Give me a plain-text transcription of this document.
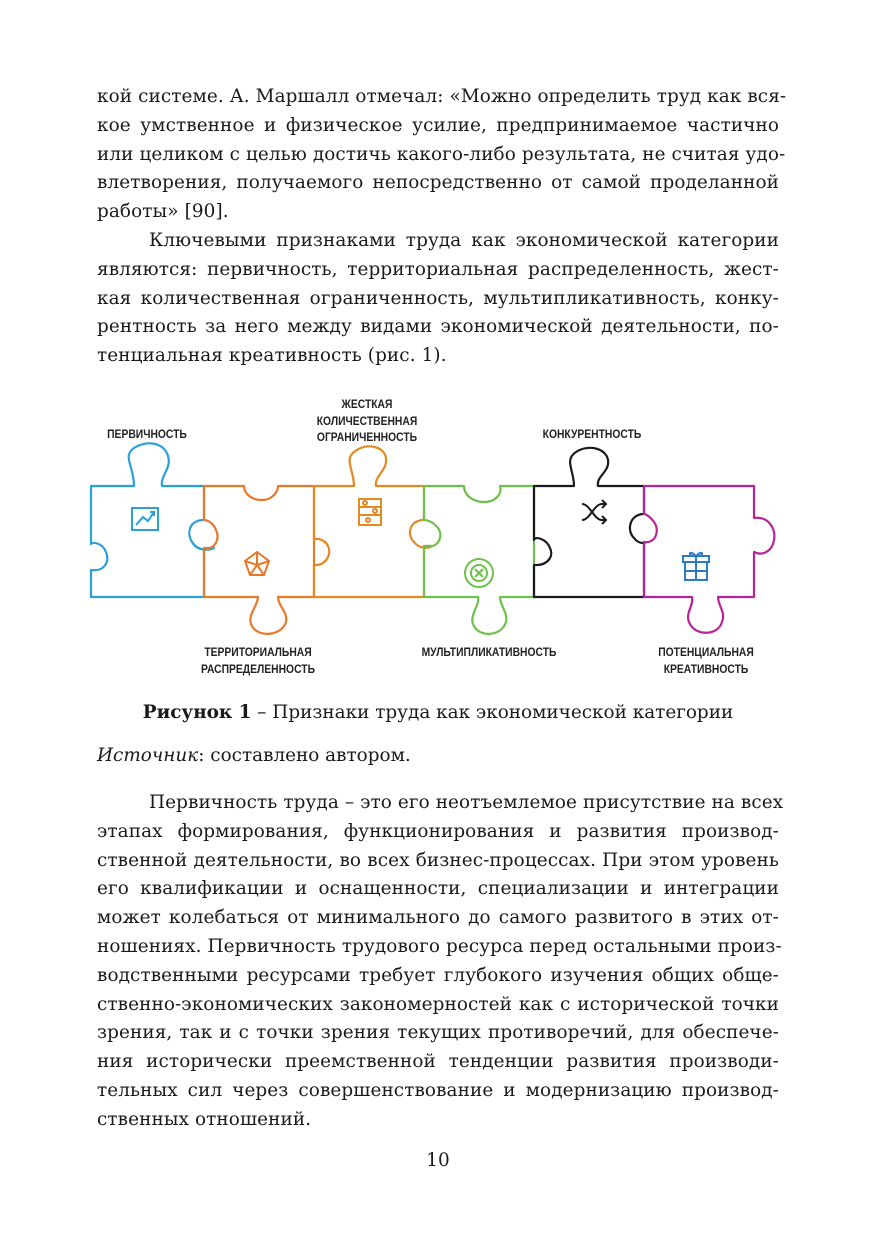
кой системе. А. Маршалл отмечал: «Можно определить труд как вся-
кое умственное и физическое усилие, предпринимаемое частично
или целиком с целью достичь какого-либо результата, не считая удо-
влетворения, получаемого непосредственно от самой проделанной
работы» [90].
Ключевыми признаками труда как экономической категории
являются: первичность, территориальная распределенность, жест-
кая количественная ограниченность, мультипликативность, конку-
рентность за него между видами экономической деятельности, по-
тенциальная креативность (рис. 1).
ПЕРВИЧНОСТЬ
ЖЕСТКАЯ
КОЛИЧЕСТВЕННАЯ
ОГРАНИЧЕННОСТЬ	КОНКУРЕНТНОСТЬ
ТЕРРИТОРИАЛЬНАЯ
РАСПРЕДЕЛЕННОСТЬ
МУЛЬТИПЛИКАТИВНОСТЬ	ПОТЕНЦИАЛЬНАЯ
КРЕАТИВНОСТЬ
Рисунок 1 – Признаки труда как экономической категории
Источник: составлено автором.
Первичность труда – это его неотъемлемое присутствие на всех
этапах формирования, функционирования и развития производ-
ственной деятельности, во всех бизнес-процессах. При этом уровень
его квалификации и оснащенности, специализации и интеграции
может колебаться от минимального до самого развитого в этих от-
ношениях. Первичность трудового ресурса перед остальными произ-
водственными ресурсами требует глубокого изучения общих обще-
ственно-экономических закономерностей как с исторической точки
зрения, так и с точки зрения текущих противоречий, для обеспече-
ния исторически преемственной тенденции развития производи-
тельных сил через совершенствование и модернизацию производ-
ственных отношений.
10
